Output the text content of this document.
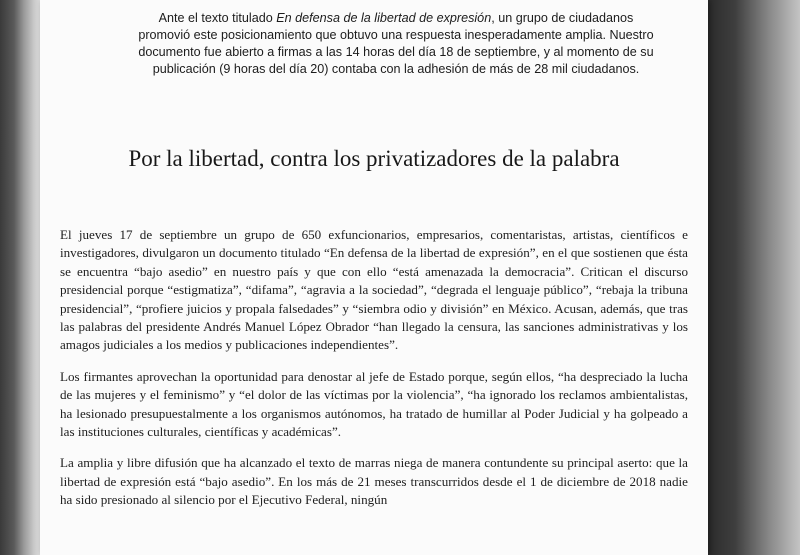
Ante el texto titulado En defensa de la libertad de expresión, un grupo de ciudadanos promovió este posicionamiento que obtuvo una respuesta inesperadamente amplia. Nuestro documento fue abierto a firmas a las 14 horas del día 18 de septiembre, y al momento de su publicación (9 horas del día 20) contaba con la adhesión de más de 28 mil ciudadanos.

Por la libertad, contra los privatizadores de la palabra

El jueves 17 de septiembre un grupo de 650 exfuncionarios, empresarios, comentaristas, artistas, científicos e investigadores, divulgaron un documento titulado “En defensa de la libertad de expresión”, en el que sostienen que ésta se encuentra “bajo asedio” en nuestro país y que con ello “está amenazada la democracia”. Critican el discurso presidencial porque “estigmatiza”, “difama”, “agravia a la sociedad”, “degrada el lenguaje público”, “rebaja la tribuna presidencial”, “profiere juicios y propala falsedades” y “siembra odio y división” en México. Acusan, además, que tras las palabras del presidente Andrés Manuel López Obrador “han llegado la censura, las sanciones administrativas y los amagos judiciales a los medios y publicaciones independientes”.

Los firmantes aprovechan la oportunidad para denostar al jefe de Estado porque, según ellos, “ha despreciado la lucha de las mujeres y el feminismo” y “el dolor de las víctimas por la violencia”, “ha ignorado los reclamos ambientalistas, ha lesionado presupuestalmente a los organismos autónomos, ha tratado de humillar al Poder Judicial y ha golpeado a las instituciones culturales, científicas y académicas”.

La amplia y libre difusión que ha alcanzado el texto de marras niega de manera contundente su principal aserto: que la libertad de expresión está “bajo asedio”. En los más de 21 meses transcurridos desde el 1 de diciembre de 2018 nadie ha sido presionado al silencio por el Ejecutivo Federal, ningún
